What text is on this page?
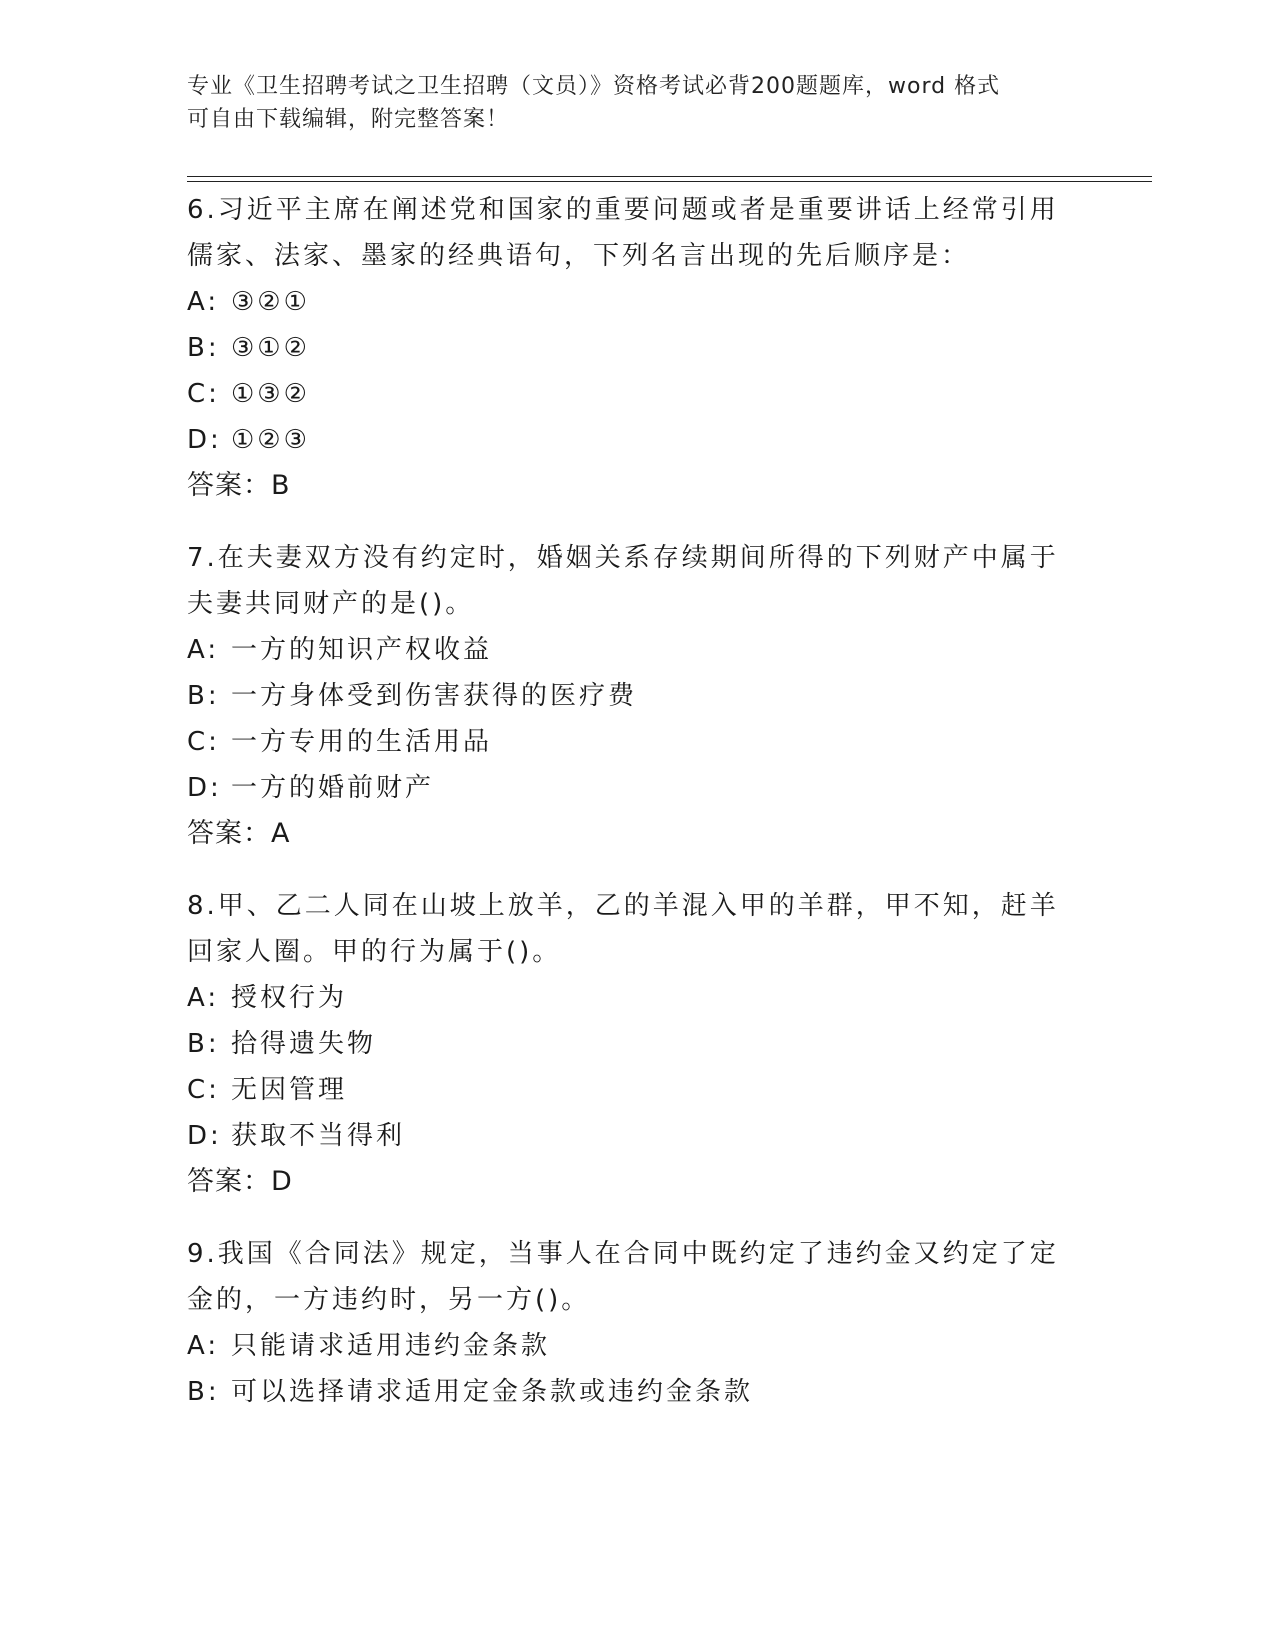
专业《卫生招聘考试之卫生招聘（文员）》资格考试必背200题题库，word 格式
可自由下载编辑，附完整答案！

6.习近平主席在阐述党和国家的重要问题或者是重要讲话上经常引用

儒家、法家、墨家的经典语句，下列名言出现的先后顺序是：

A: ③②①

B: ③①②

C: ①③②

D: ①②③

答案：B

7.在夫妻双方没有约定时，婚姻关系存续期间所得的下列财产中属于

夫妻共同财产的是()。

A: 一方的知识产权收益

B: 一方身体受到伤害获得的医疗费

C: 一方专用的生活用品

D: 一方的婚前财产

答案：A

8.甲、乙二人同在山坡上放羊，乙的羊混入甲的羊群，甲不知，赶羊

回家人圈。甲的行为属于()。

A: 授权行为

B: 拾得遗失物

C: 无因管理

D: 获取不当得利

答案：D

9.我国《合同法》规定，当事人在合同中既约定了违约金又约定了定

金的，一方违约时，另一方()。

A: 只能请求适用违约金条款

B: 可以选择请求适用定金条款或违约金条款
